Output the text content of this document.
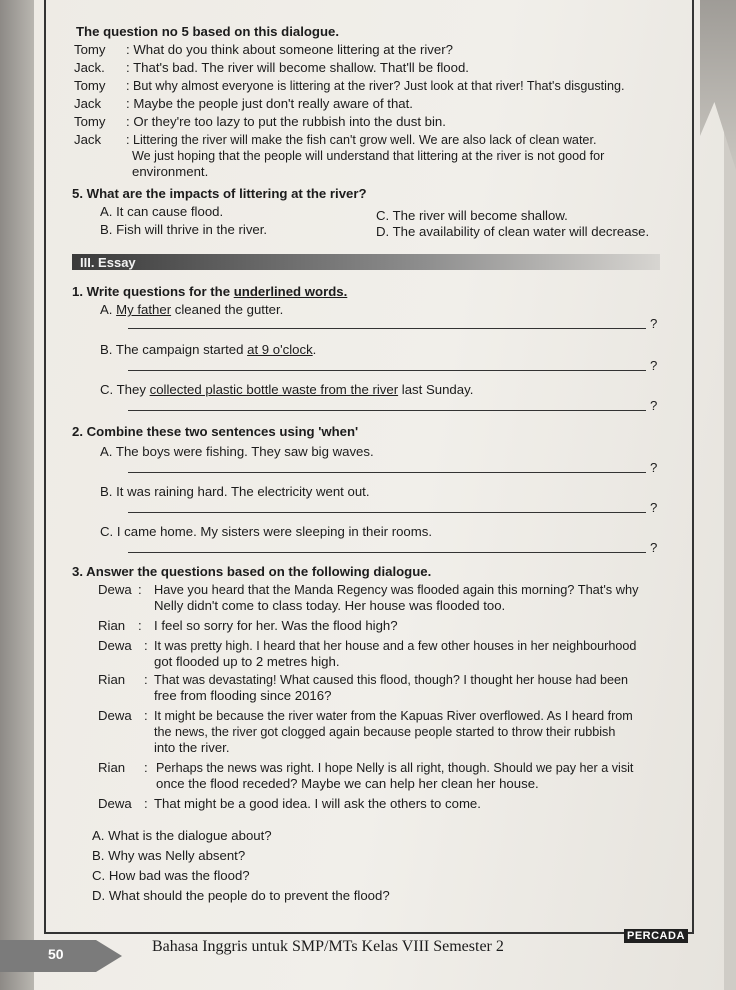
The question no 5 based on this dialogue.
Tomy : What do you think about someone littering at the river?
Jack. : That's bad. The river will become shallow. That'll be flood.
Tomy : But why almost everyone is littering at the river? Just look at that river! That's disgusting.
Jack : Maybe the people just don't really aware of that.
Tomy : Or they're too lazy to put the rubbish into the dust bin.
Jack : Littering the river will make the fish can't grow well. We are also lack of clean water.
We just hoping that the people will understand that littering at the river is not good for
environment.
5. What are the impacts of littering at the river?
A. It can cause flood.	C. The river will become shallow.
B. Fish will thrive in the river.	D. The availability of clean water will decrease.
III. Essay
1. Write questions for the underlined words.
A. My father cleaned the gutter.
?
B. The campaign started at 9 o'clock.
?
C. They collected plastic bottle waste from the river last Sunday.
?
2. Combine these two sentences using 'when'
A. The boys were fishing. They saw big waves.
?
B. It was raining hard. The electricity went out.
?
C. I came home. My sisters were sleeping in their rooms.
?
3. Answer the questions based on the following dialogue.
Dewa : Have you heard that the Manda Regency was flooded again this morning? That's why
Nelly didn't come to class today. Her house was flooded too.
Rian : I feel so sorry for her. Was the flood high?
Dewa : It was pretty high. I heard that her house and a few other houses in her neighbourhood
got flooded up to 2 metres high.
Rian : That was devastating! What caused this flood, though? I thought her house had been
free from flooding since 2016?
Dewa : It might be because the river water from the Kapuas River overflowed. As I heard from
the news, the river got clogged again because people started to throw their rubbish
into the river.
Rian : Perhaps the news was right. I hope Nelly is all right, though. Should we pay her a visit
once the flood receded? Maybe we can help her clean her house.
Dewa : That might be a good idea. I will ask the others to come.
A. What is the dialogue about?
B. Why was Nelly absent?
C. How bad was the flood?
D. What should the people do to prevent the flood?
50	Bahasa Inggris untuk SMP/MTs Kelas VIII Semester 2
PERCADA
